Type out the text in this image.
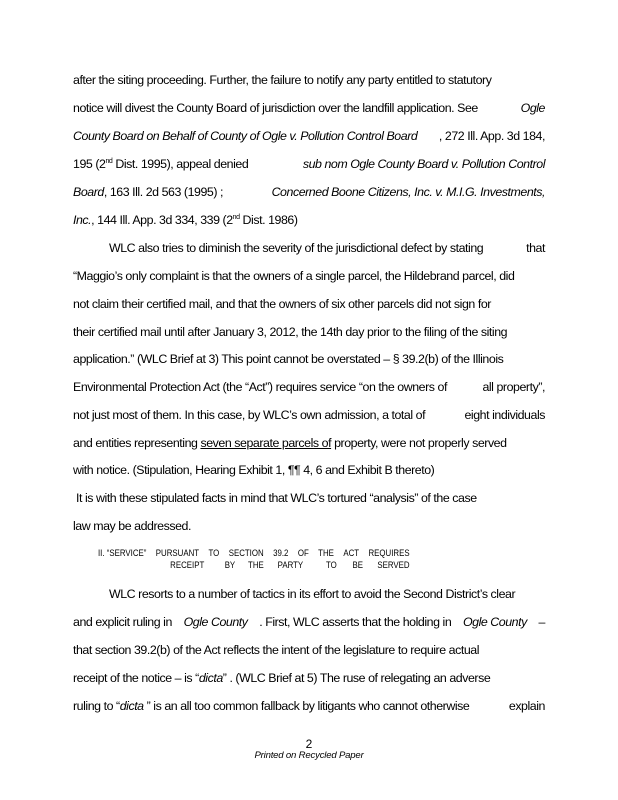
after the siting proceeding. Further, the failure to notify any party entitled to statutory
notice will divest the County Board of jurisdiction over the landfill application. See	Ogle
County Board on Behalf of County of Ogle v. Pollution Control Board , 272 Ill. App. 3d 184,
195 (2nd Dist. 1995), appeal denied	sub nom Ogle County Board v. Pollution Control
Board, 163 Ill. 2d 563 (1995) ;	Concerned Boone Citizens, Inc. v. M.I.G. Investments,
Inc., 144 Ill. App. 3d 334, 339 (2nd Dist. 1986)
WLC also tries to diminish the severity of the jurisdictional defect by stating	that
“Maggio’s only complaint is that the owners of a single parcel, the Hildebrand parcel, did
not claim their certified mail, and that the owners of six other parcels did not sign for
their certified mail until after January 3, 2012, the 14th day prior to the filing of the siting
application.” (WLC Brief at 3) This point cannot be overstated – § 39.2(b) of the Illinois
Environmental Protection Act (the “Act”) requires service “on the owners of	all property”,
not just most of them. In this case, by WLC’s own admission, a total of	eight individuals
and entities representing seven separate parcels of property, were not properly served
with notice. (Stipulation, Hearing Exhibit 1, ¶¶ 4, 6 and Exhibit B thereto)
It is with these stipulated facts in mind that WLC’s tortured “analysis” of the case
law may be addressed.
II. “SERVICE” PURSUANT TO SECTION 39.2 OF THE ACT REQUIRES
RECEIPT	BY	THE	PARTY	TO	BE	SERVED
WLC resorts to a number of tactics in its effort to avoid the Second District’s clear
and explicit ruling in Ogle County . First, WLC asserts that the holding in Ogle County –
that section 39.2(b) of the Act reflects the intent of the legislature to require actual
receipt of the notice – is “dicta” . (WLC Brief at 5) The ruse of relegating an adverse
ruling to “dicta ” is an all too common fallback by litigants who cannot otherwise	explain
2
Printed on Recycled Paper
